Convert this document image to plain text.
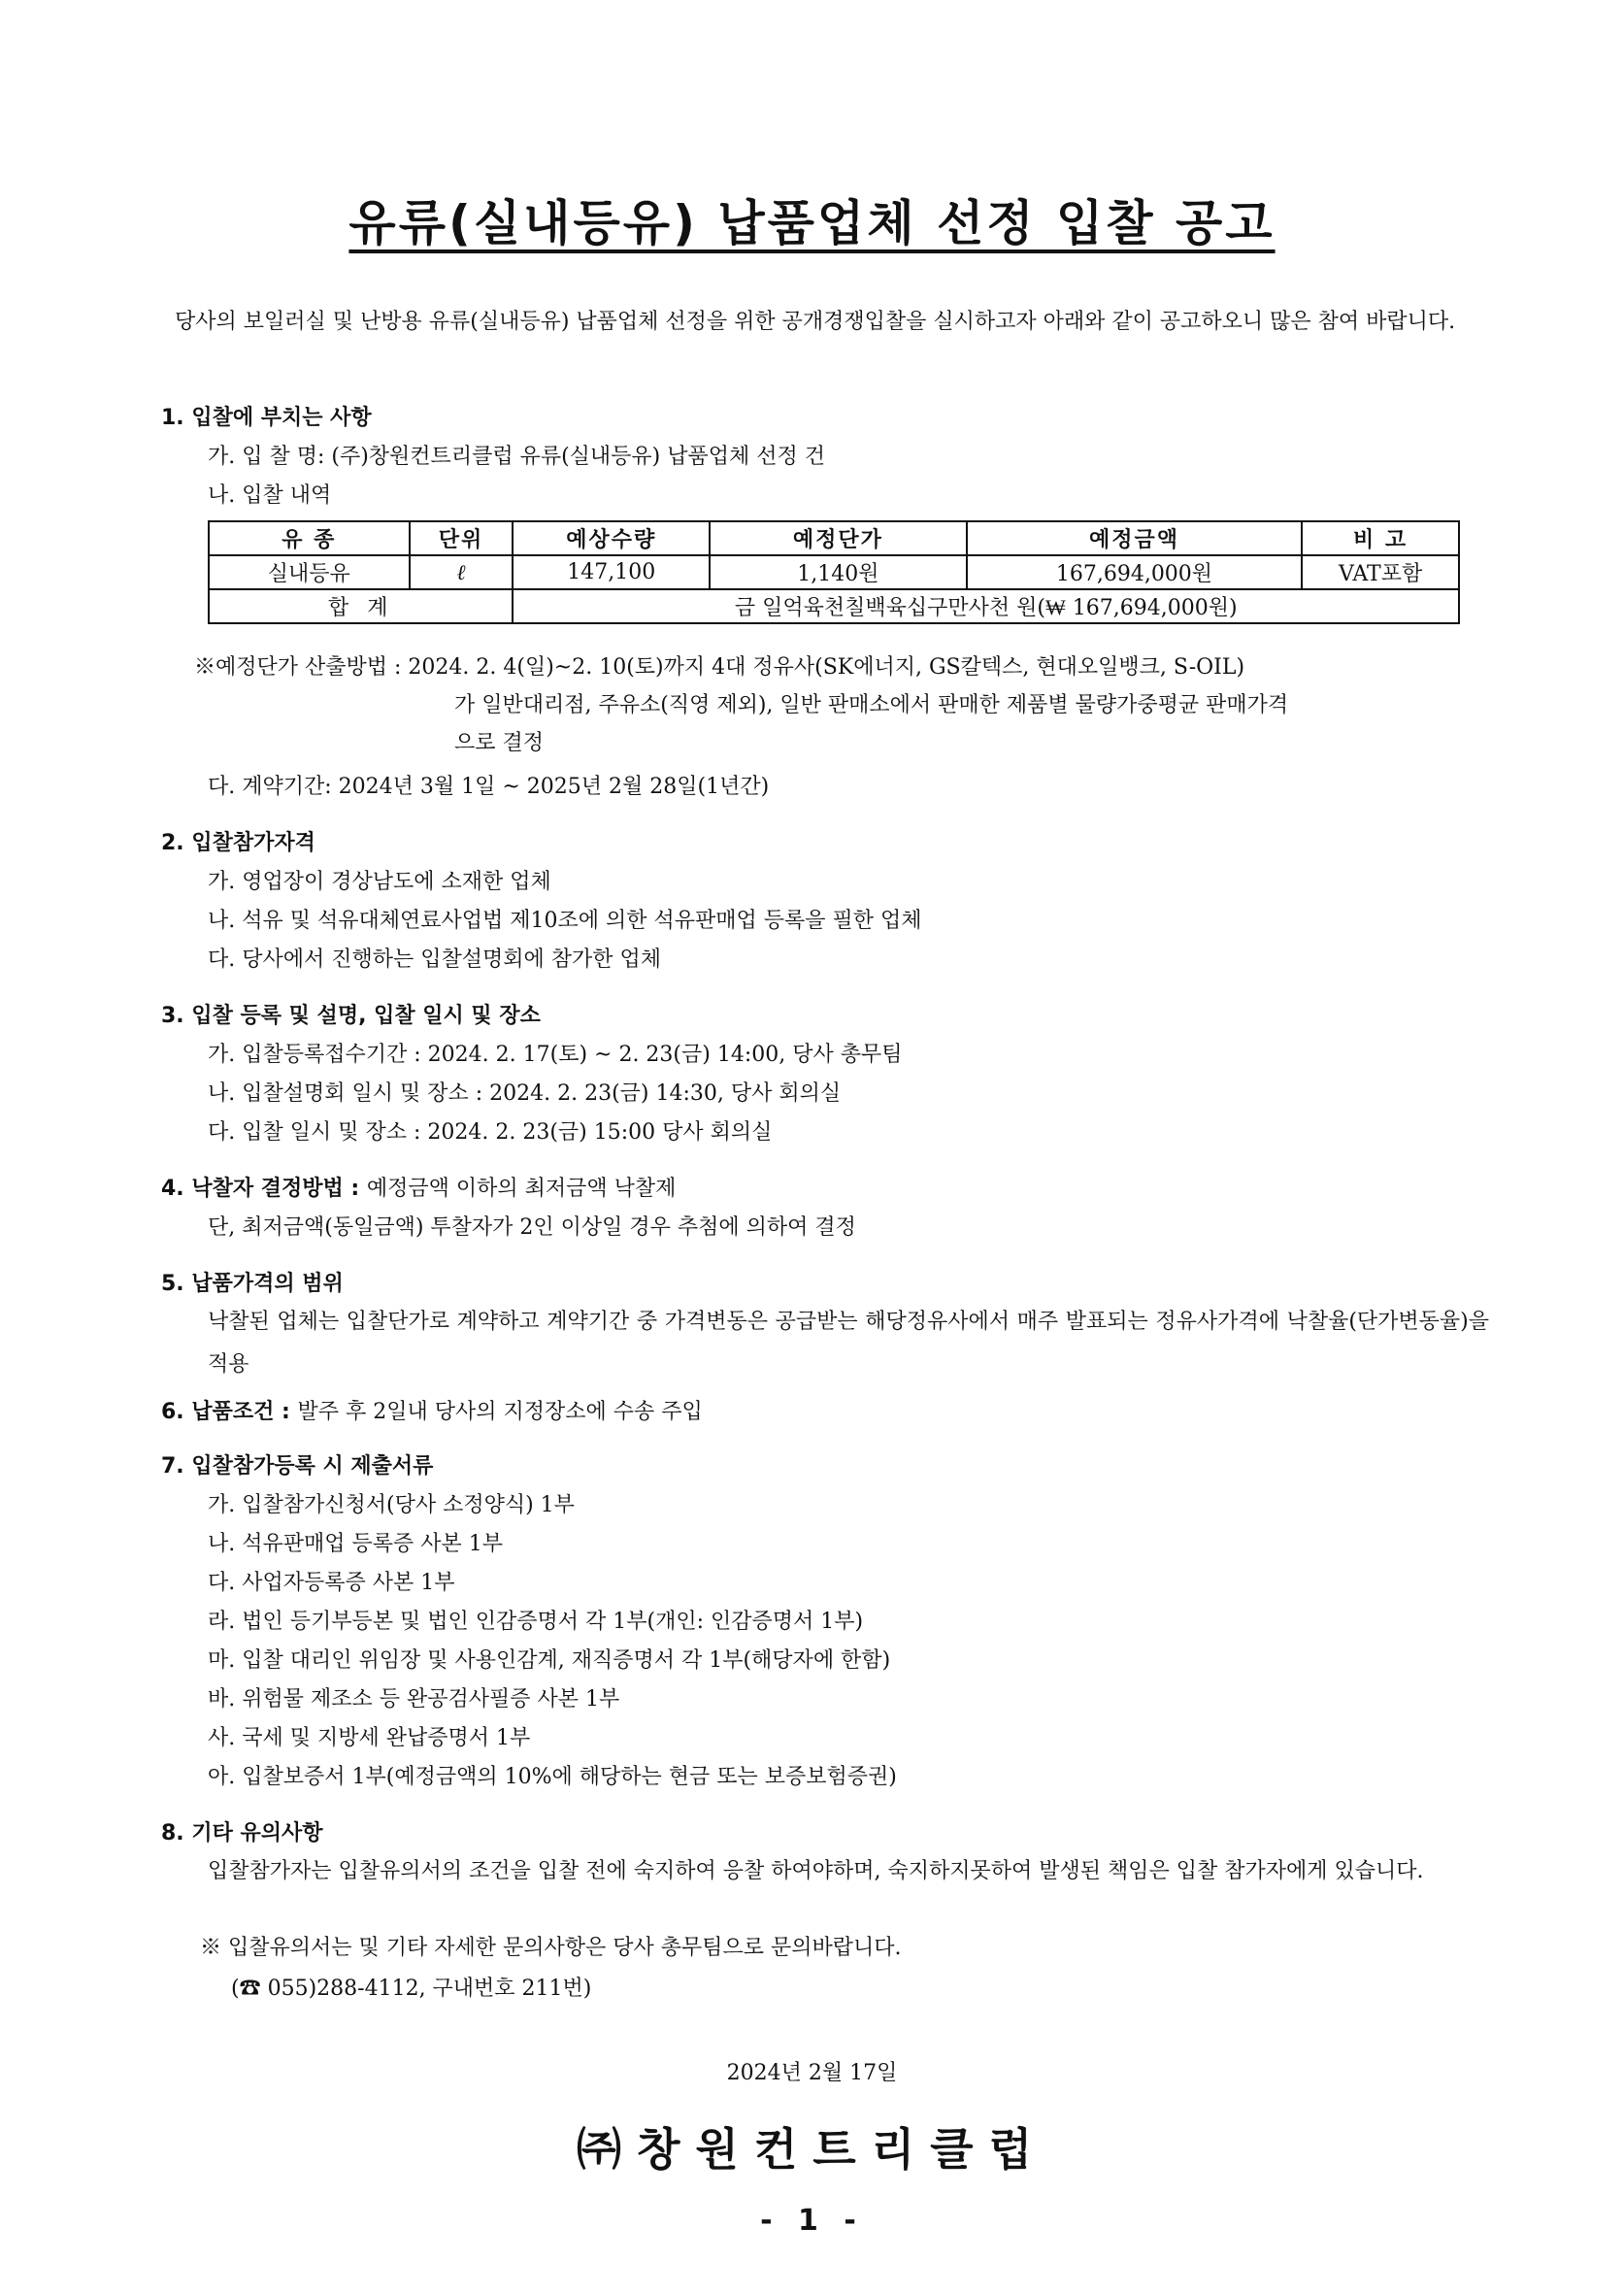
유류(실내등유) 납품업체 선정 입찰 공고
당사의 보일러실 및 난방용 유류(실내등유) 납품업체 선정을 위한 공개경쟁입찰을 실시하고자 아래와 같이 공고하오니 많은 참여 바랍니다.
1. 입찰에 부치는 사항
가. 입 찰 명: (주)창원컨트리클럽 유류(실내등유) 납품업체 선정 건
나. 입찰 내역
유 종	단위	예상수량	예정단가	예정금액	비 고
실내등유	ℓ	147,100	1,140원	167,694,000원	VAT포함
합 계		금 일억육천칠백육십구만사천 원(₩ 167,694,000원)			
※예정단가 산출방법 : 2024. 2. 4(일)~2. 10(토)까지 4대 정유사(SK에너지, GS칼텍스, 현대오일뱅크, S-OIL)
가 일반대리점, 주유소(직영 제외), 일반 판매소에서 판매한 제품별 물량가중평균 판매가격
으로 결정
다. 계약기간: 2024년 3월 1일 ~ 2025년 2월 28일(1년간)
2. 입찰참가자격
가. 영업장이 경상남도에 소재한 업체
나. 석유 및 석유대체연료사업법 제10조에 의한 석유판매업 등록을 필한 업체
다. 당사에서 진행하는 입찰설명회에 참가한 업체
3. 입찰 등록 및 설명, 입찰 일시 및 장소
가. 입찰등록접수기간 : 2024. 2. 17(토) ~ 2. 23(금) 14:00, 당사 총무팀
나. 입찰설명회 일시 및 장소 : 2024. 2. 23(금) 14:30, 당사 회의실
다. 입찰 일시 및 장소 : 2024. 2. 23(금) 15:00 당사 회의실
4. 낙찰자 결정방법 : 예정금액 이하의 최저금액 낙찰제
단, 최저금액(동일금액) 투찰자가 2인 이상일 경우 추첨에 의하여 결정
5. 납품가격의 범위
낙찰된 업체는 입찰단가로 계약하고 계약기간 중 가격변동은 공급받는 해당정유사에서 매주 발표되는 정유사가격에 낙찰율(단가변동율)을 적용
6. 납품조건 : 발주 후 2일내 당사의 지정장소에 수송 주입
7. 입찰참가등록 시 제출서류
가. 입찰참가신청서(당사 소정양식) 1부
나. 석유판매업 등록증 사본 1부
다. 사업자등록증 사본 1부
라. 법인 등기부등본 및 법인 인감증명서 각 1부(개인: 인감증명서 1부)
마. 입찰 대리인 위임장 및 사용인감계, 재직증명서 각 1부(해당자에 한함)
바. 위험물 제조소 등 완공검사필증 사본 1부
사. 국세 및 지방세 완납증명서 1부
아. 입찰보증서 1부(예정금액의 10%에 해당하는 현금 또는 보증보험증권)
8. 기타 유의사항
입찰참가자는 입찰유의서의 조건을 입찰 전에 숙지하여 응찰 하여야하며, 숙지하지못하여 발생된 책임은 입찰 참가자에게 있습니다.
※ 입찰유의서는 및 기타 자세한 문의사항은 당사 총무팀으로 문의바랍니다.
(☎ 055)288-4112, 구내번호 211번)
2024년 2월 17일
㈜창원컨트리클럽
- 1 -
